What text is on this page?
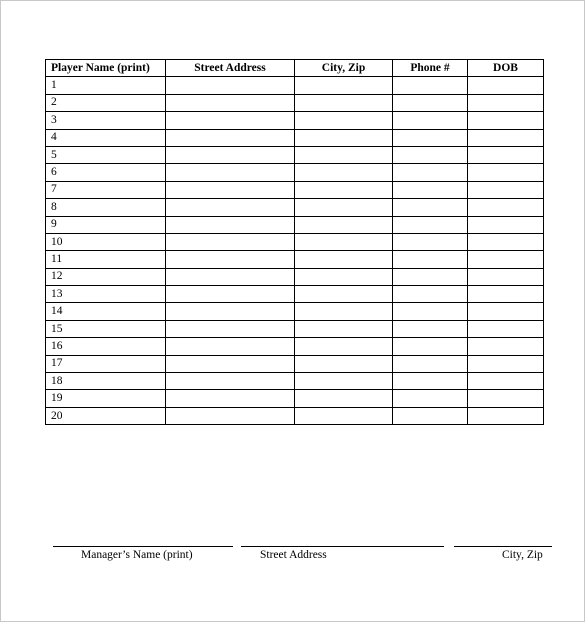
Player Name (print)	Street Address	City, Zip	Phone #	DOB
1				
2				
3				
4				
5				
6				
7				
8				
9				
10				
11				
12				
13				
14				
15				
16				
17				
18				
19				
20				
Manager’s Name (print)	Street Address	City, Zip
